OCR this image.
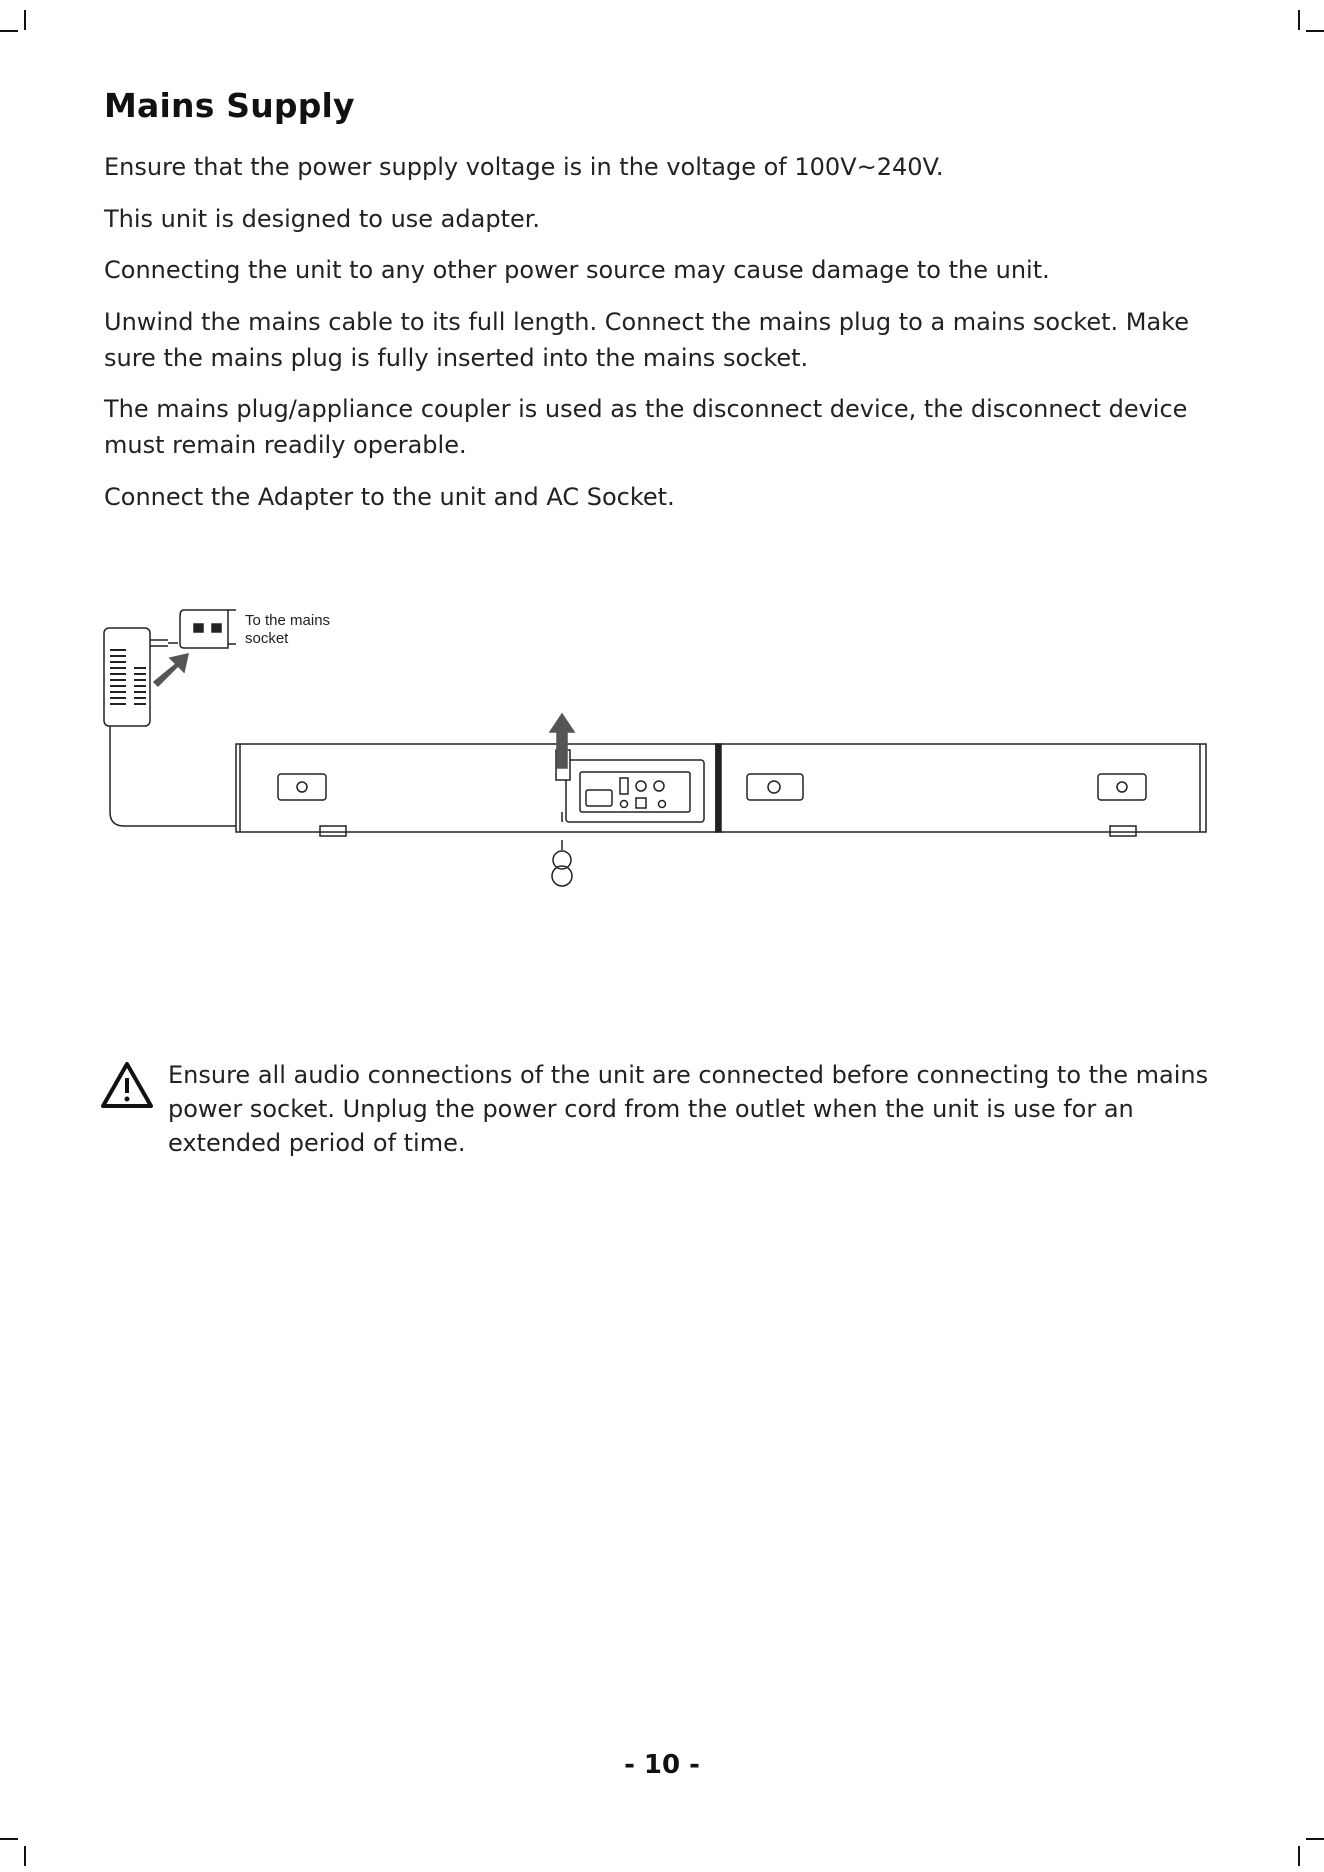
Mains Supply

Ensure that the power supply voltage is in the voltage of 100V~240V.

This unit is designed to use adapter.

Connecting the unit to any other power source may cause damage to the unit.

Unwind the mains cable to its full length. Connect the mains plug to a mains socket. Make sure the mains plug is fully inserted into the mains socket.

The mains plug/appliance coupler is used as the disconnect device, the disconnect device must remain readily operable.

Connect the Adapter to the unit and AC Socket.

To the mains
socket

Ensure all audio connections of the unit are connected before connecting to the mains power socket. Unplug the power cord from the outlet when the unit is use for an extended period of time.

- 10 -
